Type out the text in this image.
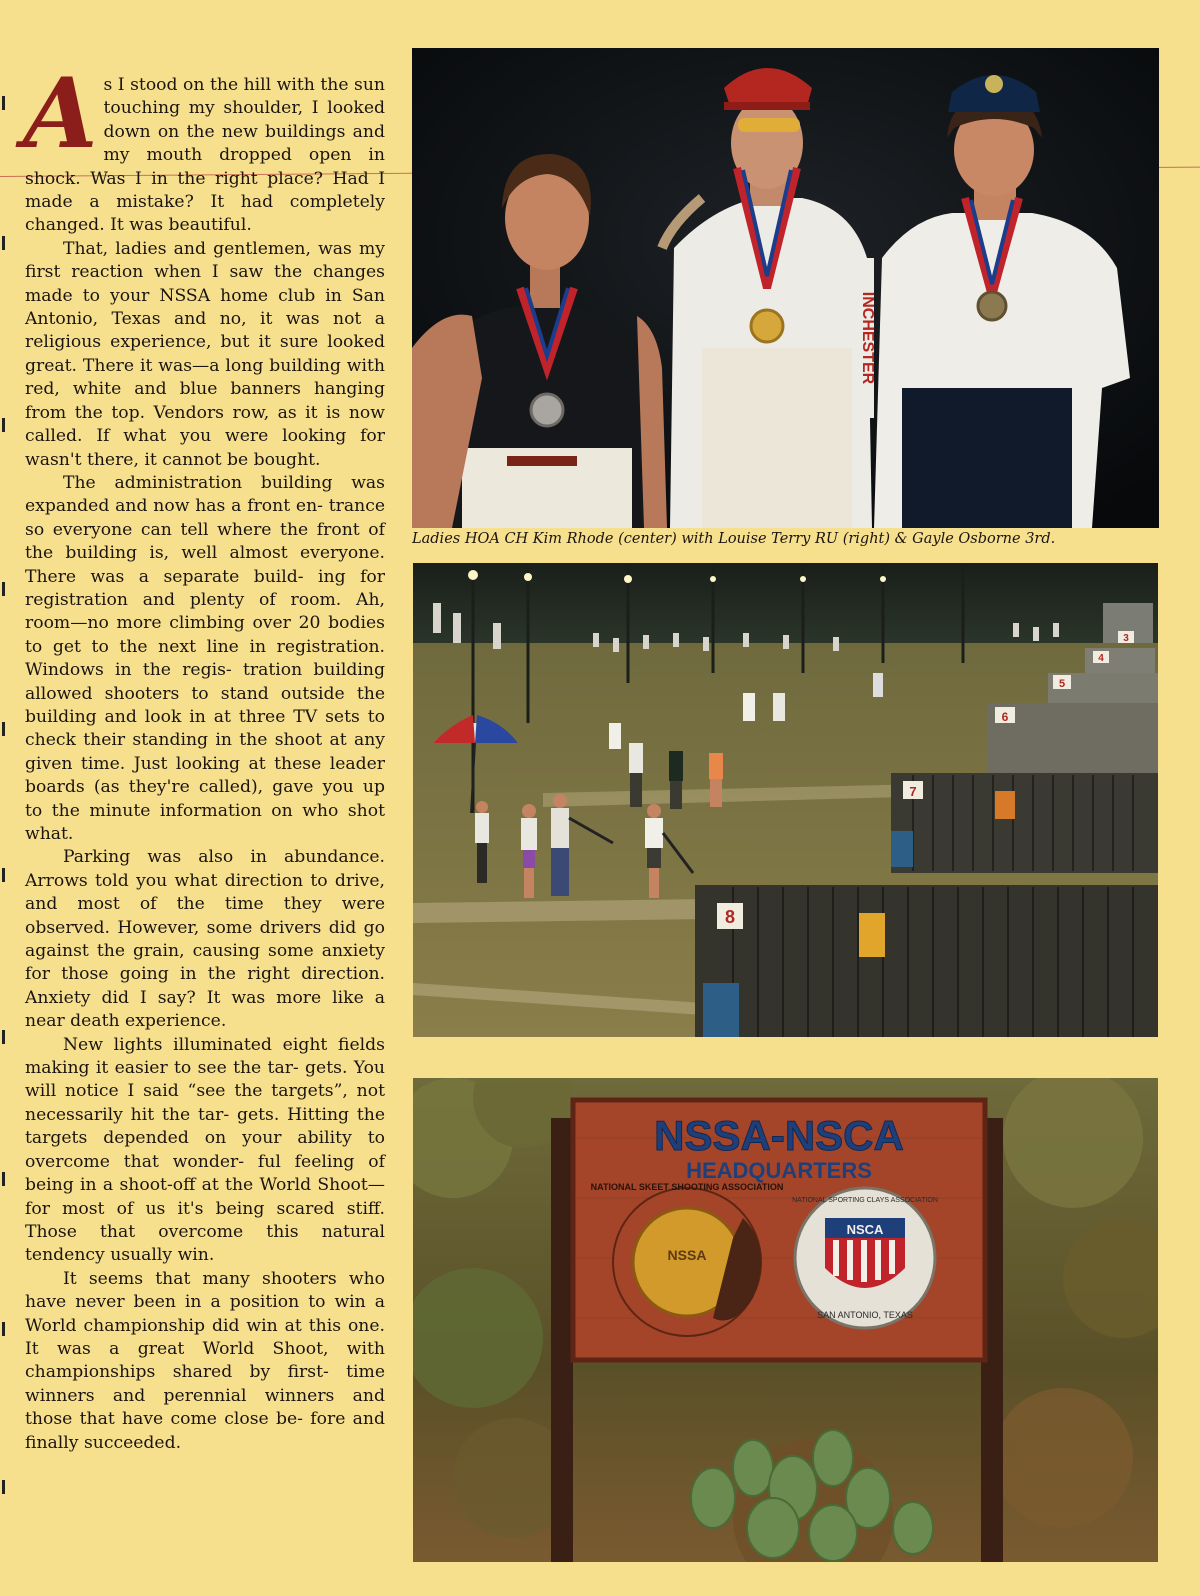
As I stood on the hill with the sun touching my shoulder, I looked down on the new buildings and my mouth dropped open in shock. Was I in the right place? Had I made a mistake? It had completely changed. It was beautiful.

That, ladies and gentlemen, was my first reaction when I saw the changes made to your NSSA home club in San Antonio, Texas and no, it was not a religious experience, but it sure looked great. There it was—a long building with red, white and blue banners hanging from the top. Vendors row, as it is now called. If what you were looking for wasn't there, it cannot be bought.

The administration building was expanded and now has a front en- trance so everyone can tell where the front of the building is, well almost everyone. There was a separate build- ing for registration and plenty of room. Ah, room—no more climbing over 20 bodies to get to the next line in registration. Windows in the regis- tration building allowed shooters to stand outside the building and look in at three TV sets to check their standing in the shoot at any given time. Just looking at these leader boards (as they're called), gave you up to the minute information on who shot what.

Parking was also in abundance. Arrows told you what direction to drive, and most of the time they were observed. However, some drivers did go against the grain, causing some anxiety for those going in the right direction. Anxiety did I say? It was more like a near death experience.

New lights illuminated eight fields making it easier to see the tar- gets. You will notice I said “see the targets”, not necessarily hit the tar- gets. Hitting the targets depended on your ability to overcome that wonder- ful feeling of being in a shoot-off at the World Shoot—for most of us it's being scared stiff. Those that overcome this natural tendency usually win.

It seems that many shooters who have never been in a position to win a World championship did win at this one. It was a great World Shoot, with championships shared by first- time winners and perennial winners and those that have come close be- fore and finally succeeded.

INCHESTER
Ladies HOA CH Kim Rhode (center) with Louise Terry RU (right) & Gayle Osborne 3rd.
3
4
5
6
7
8
NSSA-NSCA
HEADQUARTERS
NSSA
NATIONAL SKEET SHOOTING ASSOCIATION
NSCA
NATIONAL SPORTING CLAYS ASSOCIATION
SAN ANTONIO, TEXAS
